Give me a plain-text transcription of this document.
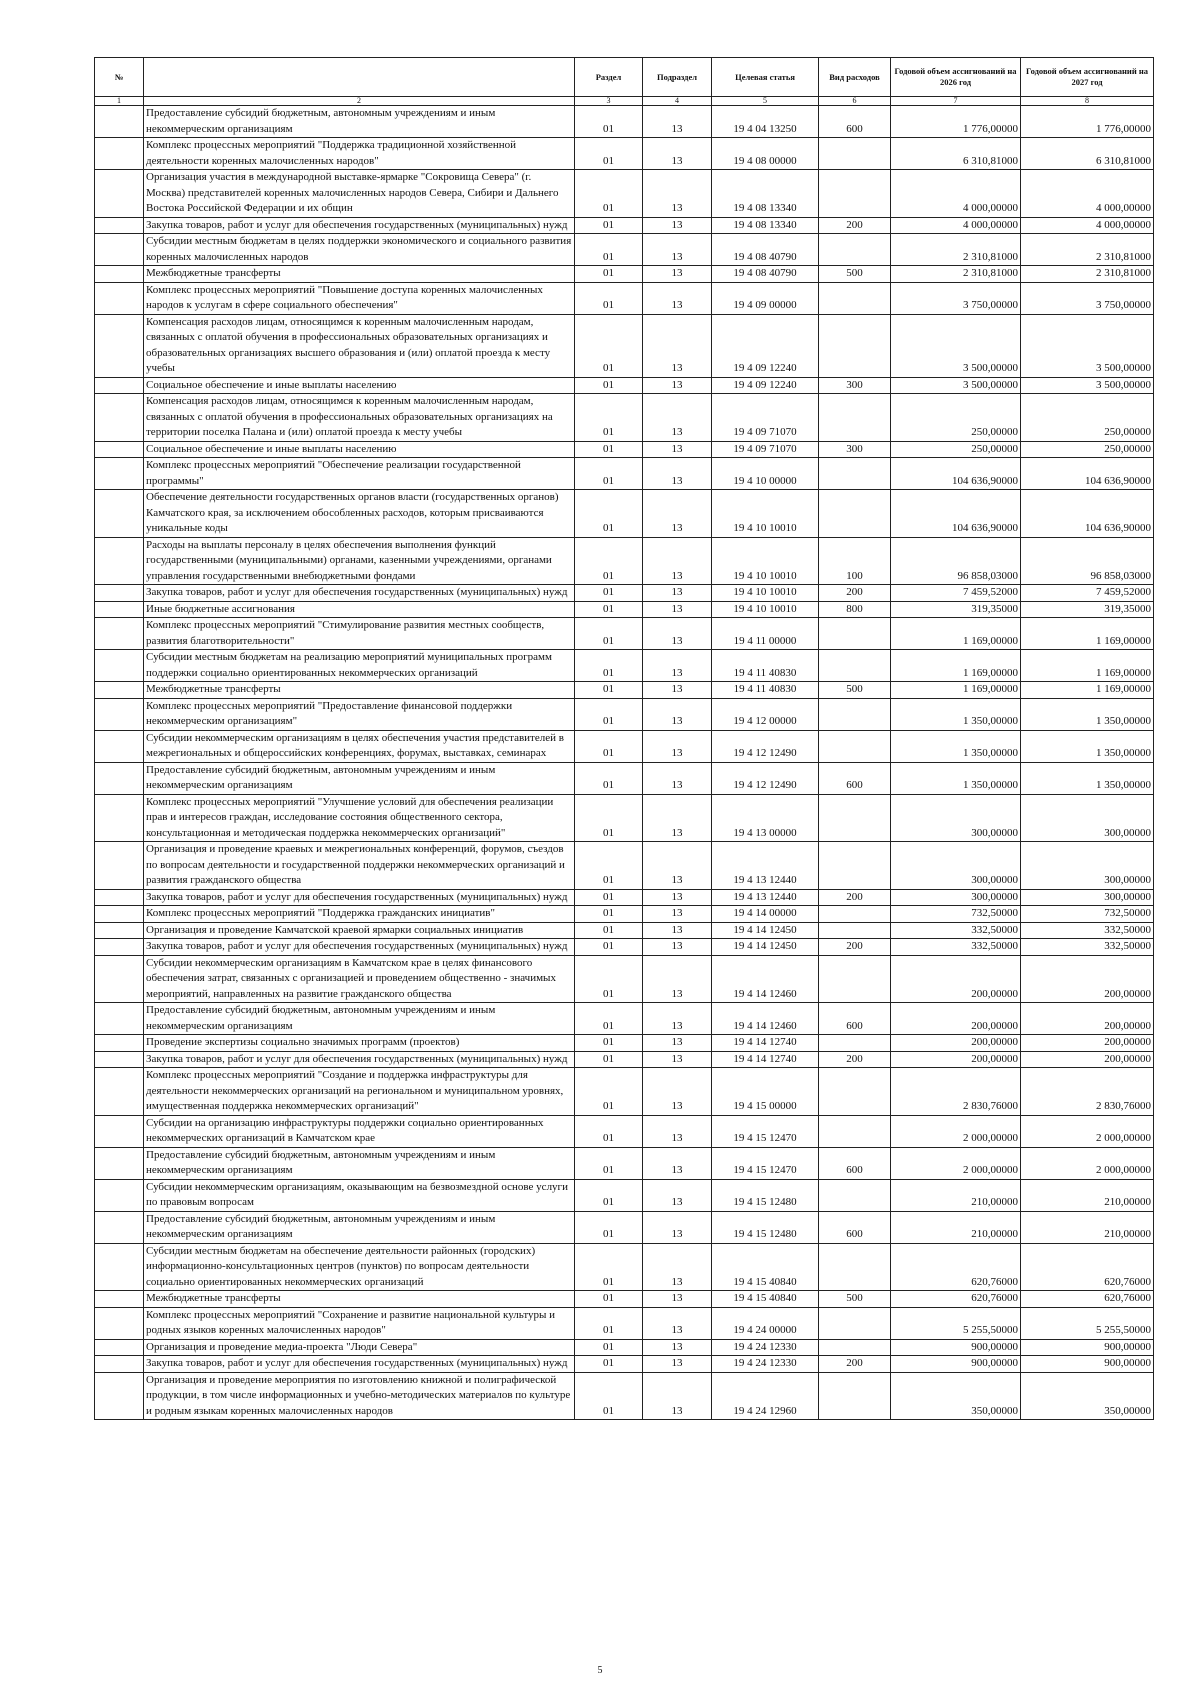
№		Раздел	Подраздел	Целевая статья	Вид расходов	Годовой объем ассигнований на 2026 год	Годовой объем ассигнований на 2027 год
1	2	3	4	5	6	7	8
	Предоставление субсидий бюджетным, автономным учреждениям и иным некоммерческим организациям	01	13	19 4 04 13250	600	1 776,00000	1 776,00000
	Комплекс процессных мероприятий "Поддержка традиционной хозяйственной деятельности коренных малочисленных народов"	01	13	19 4 08 00000		6 310,81000	6 310,81000
	Организация участия в международной выставке-ярмарке "Сокровища Севера" (г. Москва) представителей коренных малочисленных народов Севера, Сибири и Дальнего Востока Российской Федерации и их общин	01	13	19 4 08 13340		4 000,00000	4 000,00000
	Закупка товаров, работ и услуг для обеспечения государственных (муниципальных) нужд	01	13	19 4 08 13340	200	4 000,00000	4 000,00000
	Субсидии местным бюджетам в целях поддержки экономического и социального развития коренных малочисленных народов	01	13	19 4 08 40790		2 310,81000	2 310,81000
	Межбюджетные трансферты	01	13	19 4 08 40790	500	2 310,81000	2 310,81000
	Комплекс процессных мероприятий "Повышение доступа коренных малочисленных народов к услугам в сфере социального обеспечения"	01	13	19 4 09 00000		3 750,00000	3 750,00000
	Компенсация расходов лицам, относящимся к коренным малочисленным народам, связанных с оплатой обучения в профессиональных образовательных организациях и образовательных организациях высшего образования и (или) оплатой проезда к месту учебы	01	13	19 4 09 12240		3 500,00000	3 500,00000
	Социальное обеспечение и иные выплаты населению	01	13	19 4 09 12240	300	3 500,00000	3 500,00000
	Компенсация расходов лицам, относящимся к коренным малочисленным народам, связанных с оплатой обучения в профессиональных образовательных организациях на территории поселка Палана и (или) оплатой проезда к месту учебы	01	13	19 4 09 71070		250,00000	250,00000
	Социальное обеспечение и иные выплаты населению	01	13	19 4 09 71070	300	250,00000	250,00000
	Комплекс процессных мероприятий "Обеспечение реализации государственной программы"	01	13	19 4 10 00000		104 636,90000	104 636,90000
	Обеспечение деятельности государственных органов власти (государственных органов) Камчатского края, за исключением обособленных расходов, которым присваиваются уникальные коды	01	13	19 4 10 10010		104 636,90000	104 636,90000
	Расходы на выплаты персоналу в целях обеспечения выполнения функций государственными (муниципальными) органами, казенными учреждениями, органами управления государственными внебюджетными фондами	01	13	19 4 10 10010	100	96 858,03000	96 858,03000
	Закупка товаров, работ и услуг для обеспечения государственных (муниципальных) нужд	01	13	19 4 10 10010	200	7 459,52000	7 459,52000
	Иные бюджетные ассигнования	01	13	19 4 10 10010	800	319,35000	319,35000
	Комплекс процессных мероприятий "Стимулирование развития местных сообществ, развития благотворительности"	01	13	19 4 11 00000		1 169,00000	1 169,00000
	Субсидии местным бюджетам на реализацию мероприятий муниципальных программ поддержки социально ориентированных некоммерческих организаций	01	13	19 4 11 40830		1 169,00000	1 169,00000
	Межбюджетные трансферты	01	13	19 4 11 40830	500	1 169,00000	1 169,00000
	Комплекс процессных мероприятий "Предоставление финансовой поддержки некоммерческим организациям"	01	13	19 4 12 00000		1 350,00000	1 350,00000
	Субсидии некоммерческим организациям в целях обеспечения участия представителей в межрегиональных и общероссийских конференциях, форумах, выставках, семинарах	01	13	19 4 12 12490		1 350,00000	1 350,00000
	Предоставление субсидий бюджетным, автономным учреждениям и иным некоммерческим организациям	01	13	19 4 12 12490	600	1 350,00000	1 350,00000
	Комплекс процессных мероприятий "Улучшение условий для обеспечения реализации прав и интересов граждан, исследование состояния общественного сектора, консультационная и методическая поддержка некоммерческих организаций"	01	13	19 4 13 00000		300,00000	300,00000
	Организация и проведение краевых и межрегиональных конференций, форумов, съездов по вопросам деятельности и государственной поддержки некоммерческих организаций и развития гражданского общества	01	13	19 4 13 12440		300,00000	300,00000
	Закупка товаров, работ и услуг для обеспечения государственных (муниципальных) нужд	01	13	19 4 13 12440	200	300,00000	300,00000
	Комплекс процессных мероприятий "Поддержка гражданских инициатив"	01	13	19 4 14 00000		732,50000	732,50000
	Организация и проведение Камчатской краевой ярмарки социальных инициатив	01	13	19 4 14 12450		332,50000	332,50000
	Закупка товаров, работ и услуг для обеспечения государственных (муниципальных) нужд	01	13	19 4 14 12450	200	332,50000	332,50000
	Субсидии некоммерческим организациям в Камчатском крае в целях финансового обеспечения затрат, связанных с организацией и проведением общественно - значимых мероприятий, направленных на развитие гражданского общества	01	13	19 4 14 12460		200,00000	200,00000
	Предоставление субсидий бюджетным, автономным учреждениям и иным некоммерческим организациям	01	13	19 4 14 12460	600	200,00000	200,00000
	Проведение экспертизы социально значимых программ (проектов)	01	13	19 4 14 12740		200,00000	200,00000
	Закупка товаров, работ и услуг для обеспечения государственных (муниципальных) нужд	01	13	19 4 14 12740	200	200,00000	200,00000
	Комплекс процессных мероприятий "Создание и поддержка инфраструктуры для деятельности некоммерческих организаций на региональном и муниципальном уровнях, имущественная поддержка некоммерческих организаций"	01	13	19 4 15 00000		2 830,76000	2 830,76000
	Субсидии на организацию инфраструктуры поддержки социально ориентированных некоммерческих организаций в Камчатском крае	01	13	19 4 15 12470		2 000,00000	2 000,00000
	Предоставление субсидий бюджетным, автономным учреждениям и иным некоммерческим организациям	01	13	19 4 15 12470	600	2 000,00000	2 000,00000
	Субсидии некоммерческим организациям, оказывающим на безвозмездной основе услуги по правовым вопросам	01	13	19 4 15 12480		210,00000	210,00000
	Предоставление субсидий бюджетным, автономным учреждениям и иным некоммерческим организациям	01	13	19 4 15 12480	600	210,00000	210,00000
	Субсидии местным бюджетам на обеспечение деятельности районных (городских) информационно-консультационных центров (пунктов) по вопросам деятельности социально ориентированных некоммерческих организаций	01	13	19 4 15 40840		620,76000	620,76000
	Межбюджетные трансферты	01	13	19 4 15 40840	500	620,76000	620,76000
	Комплекс процессных мероприятий "Сохранение и развитие национальной культуры и родных языков коренных малочисленных народов"	01	13	19 4 24 00000		5 255,50000	5 255,50000
	Организация и проведение медиа-проекта "Люди Севера"	01	13	19 4 24 12330		900,00000	900,00000
	Закупка товаров, работ и услуг для обеспечения государственных (муниципальных) нужд	01	13	19 4 24 12330	200	900,00000	900,00000
	Организация и проведение мероприятия по изготовлению книжной и полиграфической продукции, в том числе информационных и учебно-методических материалов по культуре и родным языкам коренных малочисленных народов	01	13	19 4 24 12960		350,00000	350,00000
5
